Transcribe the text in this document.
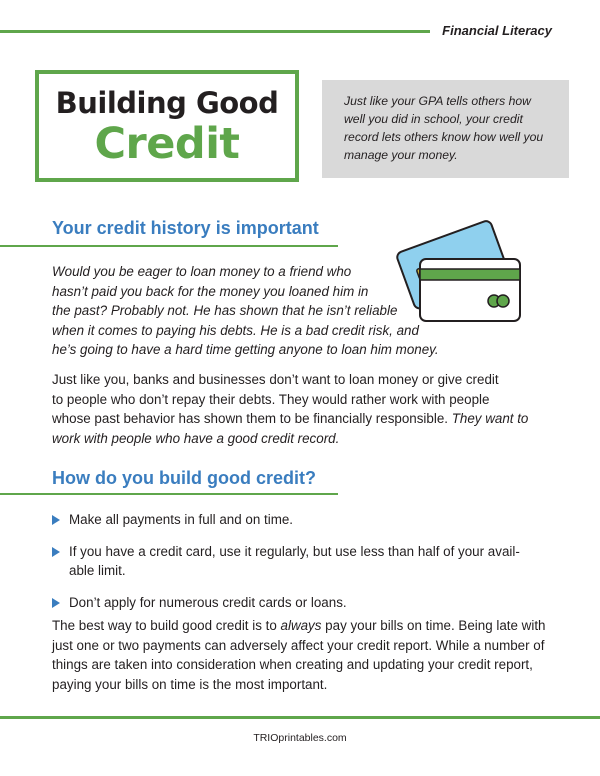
Financial Literacy
Building Good
Credit
Just like your GPA tells others how
well you did in school, your credit
record lets others know how well you
manage your money.
Your credit history is important
Would you be eager to loan money to a friend who
hasn’t paid you back for the money you loaned him in
the past? Probably not. He has shown that he isn’t reliable
when it comes to paying his debts. He is a bad credit risk, and
he’s going to have a hard time getting anyone to loan him money.
Just like you, banks and businesses don’t want to loan money or give credit
to people who don’t repay their debts. They would rather work with people
whose past behavior has shown them to be financially responsible. They want to
work with people who have a good credit record.
How do you build good credit?
Make all payments in full and on time.
If you have a credit card, use it regularly, but use less than half of your avail-
able limit.
Don’t apply for numerous credit cards or loans.
The best way to build good credit is to always pay your bills on time. Being late with
just one or two payments can adversely affect your credit report. While a number of
things are taken into consideration when creating and updating your credit report,
paying your bills on time is the most important.
TRIOprintables.com
